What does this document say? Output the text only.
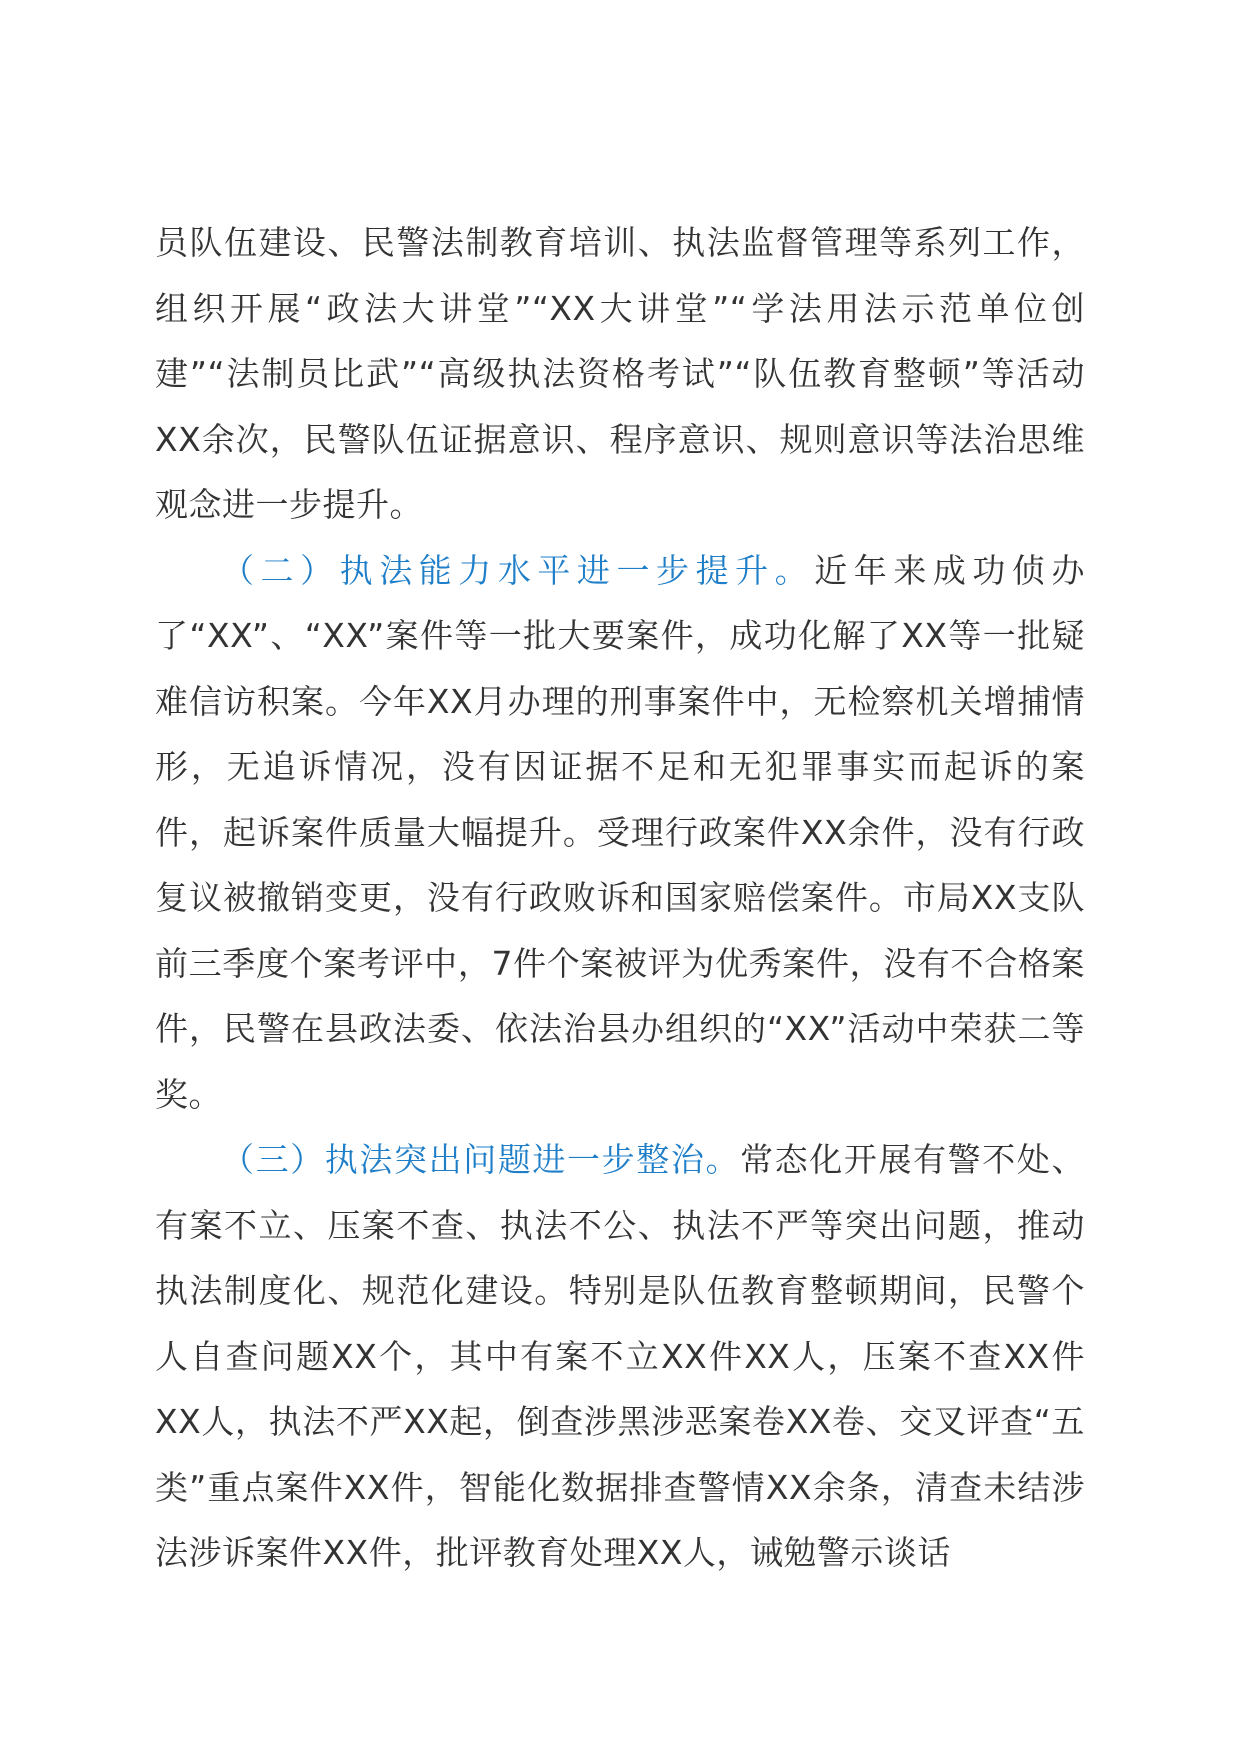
员队伍建设、民警法制教育培训、执法监督管理等系列工作，组织开展“政法大讲堂”“XX大讲堂”“学法用法示范单位创建”“法制员比武”“高级执法资格考试”“队伍教育整顿”等活动XX余次，民警队伍证据意识、程序意识、规则意识等法治思维观念进一步提升。

（二）执法能力水平进一步提升。近年来成功侦办了“XX”、“XX”案件等一批大要案件，成功化解了XX等一批疑难信访积案。今年XX月办理的刑事案件中，无检察机关增捕情形，无追诉情况，没有因证据不足和无犯罪事实而起诉的案件，起诉案件质量大幅提升。受理行政案件XX余件，没有行政复议被撤销变更，没有行政败诉和国家赔偿案件。市局XX支队前三季度个案考评中，7件个案被评为优秀案件，没有不合格案件，民警在县政法委、依法治县办组织的“XX”活动中荣获二等奖。

（三）执法突出问题进一步整治。常态化开展有警不处、有案不立、压案不查、执法不公、执法不严等突出问题，推动执法制度化、规范化建设。特别是队伍教育整顿期间，民警个人自查问题XX个，其中有案不立XX件XX人，压案不查XX件XX人，执法不严XX起，倒查涉黑涉恶案卷XX卷、交叉评查“五类”重点案件XX件，智能化数据排查警情XX余条，清查未结涉法涉诉案件XX件，批评教育处理XX人，诫勉警示谈话
